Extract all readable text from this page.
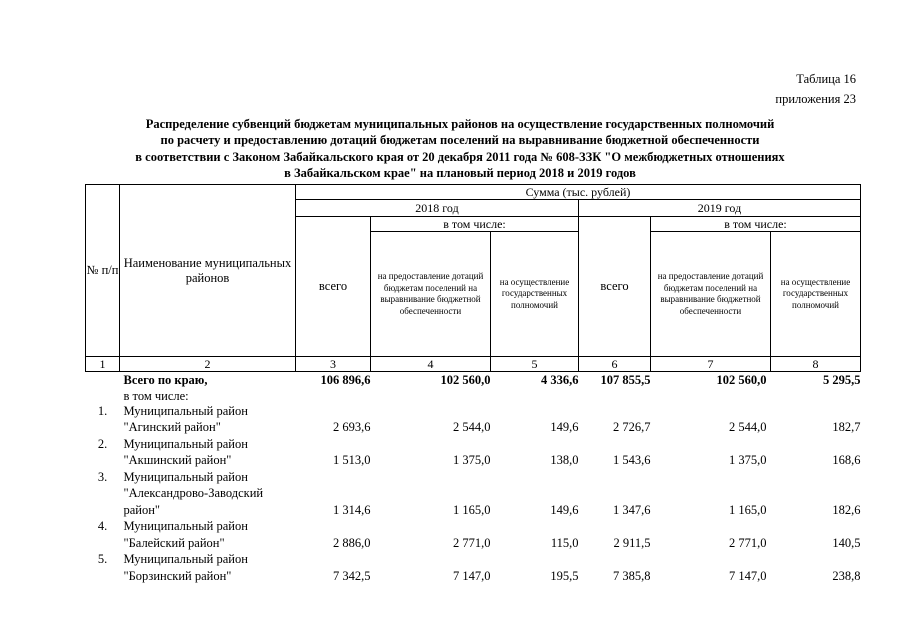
Таблица 16
приложения 23
Распределение субвенций бюджетам муниципальных районов на осуществление государственных полномочий
по расчету и предоставлению дотаций бюджетам поселений на выравнивание бюджетной обеспеченности
в соответствии с Законом Забайкальского края от 20 декабря 2011 года № 608-ЗЗК "О межбюджетных отношениях
в Забайкальском крае" на плановый период 2018 и 2019 годов
№ п/п	Наименование муниципальных районов	Сумма (тыс. рублей)					
		2018 год			2019 год		
		всего	в том числе:		всего	в том числе:	
			на предоставление дотаций бюджетам поселений на выравнивание бюджетной обеспеченности	на осуществление государственных полномочий		на предоставление дотаций бюджетам поселений на выравнивание бюджетной обеспеченности	на осуществление государственных полномочий
1	2	3	4	5	6	7	8
	Всего по краю,	106 896,6	102 560,0	4 336,6	107 855,5	102 560,0	5 295,5
	в том числе:						
1.	Муниципальный район
"Агинский район"	2 693,6	2 544,0	149,6	2 726,7	2 544,0	182,7
2.	Муниципальный район
"Акшинский район"	1 513,0	1 375,0	138,0	1 543,6	1 375,0	168,6
3.	Муниципальный район
"Александрово-Заводский
район"	1 314,6	1 165,0	149,6	1 347,6	1 165,0	182,6
4.	Муниципальный район
"Балейский район"	2 886,0	2 771,0	115,0	2 911,5	2 771,0	140,5
5.	Муниципальный район
"Борзинский район"	7 342,5	7 147,0	195,5	7 385,8	7 147,0	238,8
